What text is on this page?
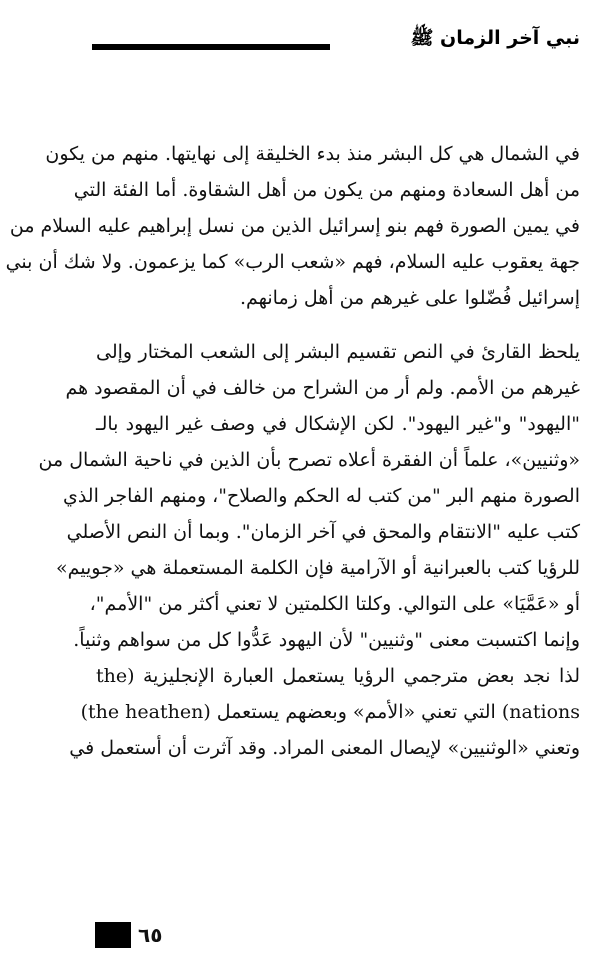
نبي آخر الزمان ﷺ
في الشمال هي كل البشر منذ بدء الخليقة إلى نهايتها. منهم من يكون
من أهل السعادة ومنهم من يكون من أهل الشقاوة. أما الفئة التي
في يمين الصورة فهم بنو إسرائيل الذين من نسل إبراهيم عليه السلام من
جهة يعقوب عليه السلام، فهم «شعب الرب» كما يزعمون. ولا شك أن بني
إسرائيل فُضّلوا على غيرهم من أهل زمانهم.
يلحظ القارئ في النص تقسيم البشر إلى الشعب المختار وإلى
غيرهم من الأمم. ولم أر من الشراح من خالف في أن المقصود هم
"اليهود" و"غير اليهود". لكن الإشكال في وصف غير اليهود بالـ
«وثنيين»، علماً أن الفقرة أعلاه تصرح بأن الذين في ناحية الشمال من
الصورة منهم البر "من كتب له الحكم والصلاح"، ومنهم الفاجر الذي
كتب عليه "الانتقام والمحق في آخر الزمان". وبما أن النص الأصلي
للرؤيا كتب بالعبرانية أو الآرامية فإن الكلمة المستعملة هي «جوييم»
أو «عَمَّيَا» على التوالي. وكلتا الكلمتين لا تعني أكثر من "الأمم"،
وإنما اكتسبت معنى "وثنيين" لأن اليهود عَدُّوا كل من سواهم وثنياً.
لذا نجد بعض مترجمي الرؤيا يستعمل العبارة الإنجليزية (the
nations) التي تعني «الأمم» وبعضهم يستعمل (the heathen)
وتعني «الوثنيين» لإيصال المعنى المراد. وقد آثرت أن أستعمل في
٦٥
